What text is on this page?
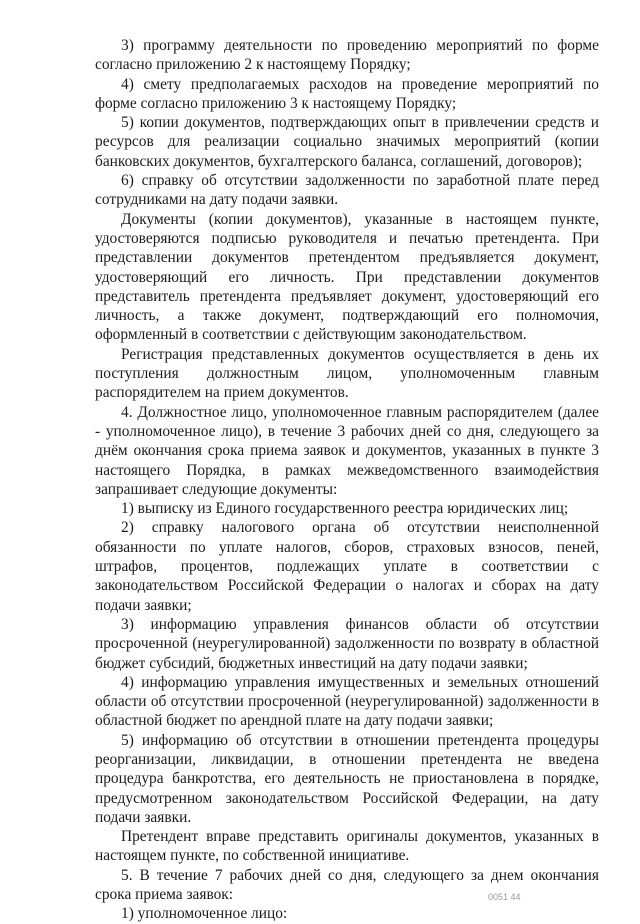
3) программу деятельности по проведению мероприятий по форме согласно приложению 2 к настоящему Порядку;

4) смету предполагаемых расходов на проведение мероприятий по форме согласно приложению 3 к настоящему Порядку;

5) копии документов, подтверждающих опыт в привлечении средств и ресурсов для реализации социально значимых мероприятий (копии банковских документов, бухгалтерского баланса, соглашений, договоров);

6) справку об отсутствии задолженности по заработной плате перед сотрудниками на дату подачи заявки.

Документы (копии документов), указанные в настоящем пункте, удостоверяются подписью руководителя и печатью претендента. При представлении документов претендентом предъявляется документ, удостоверяющий его личность. При представлении документов представитель претендента предъявляет документ, удостоверяющий его личность, а также документ, подтверждающий его полномочия, оформленный в соответствии с действующим законодательством.

Регистрация представленных документов осуществляется в день их поступления должностным лицом, уполномоченным главным распорядителем на прием документов.

4. Должностное лицо, уполномоченное главным распорядителем (далее - уполномоченное лицо), в течение 3 рабочих дней со дня, следующего за днём окончания срока приема заявок и документов, указанных в пункте 3 настоящего Порядка, в рамках межведомственного взаимодействия запрашивает следующие документы:

1) выписку из Единого государственного реестра юридических лиц;

2) справку налогового органа об отсутствии неисполненной обязанности по уплате налогов, сборов, страховых взносов, пеней, штрафов, процентов, подлежащих уплате в соответствии с законодательством Российской Федерации о налогах и сборах на дату подачи заявки;

3) информацию управления финансов области об отсутствии просроченной (неурегулированной) задолженности по возврату в областной бюджет субсидий, бюджетных инвестиций на дату подачи заявки;

4) информацию управления имущественных и земельных отношений области об отсутствии просроченной (неурегулированной) задолженности в областной бюджет по арендной плате на дату подачи заявки;

5) информацию об отсутствии в отношении претендента процедуры реорганизации, ликвидации, в отношении претендента не введена процедура банкротства, его деятельность не приостановлена в порядке, предусмотренном законодательством Российской Федерации, на дату подачи заявки.

Претендент вправе представить оригиналы документов, указанных в настоящем пункте, по собственной инициативе.

5. В течение 7 рабочих дней со дня, следующего за днем окончания срока приема заявок:

1) уполномоченное лицо:

0051 44
